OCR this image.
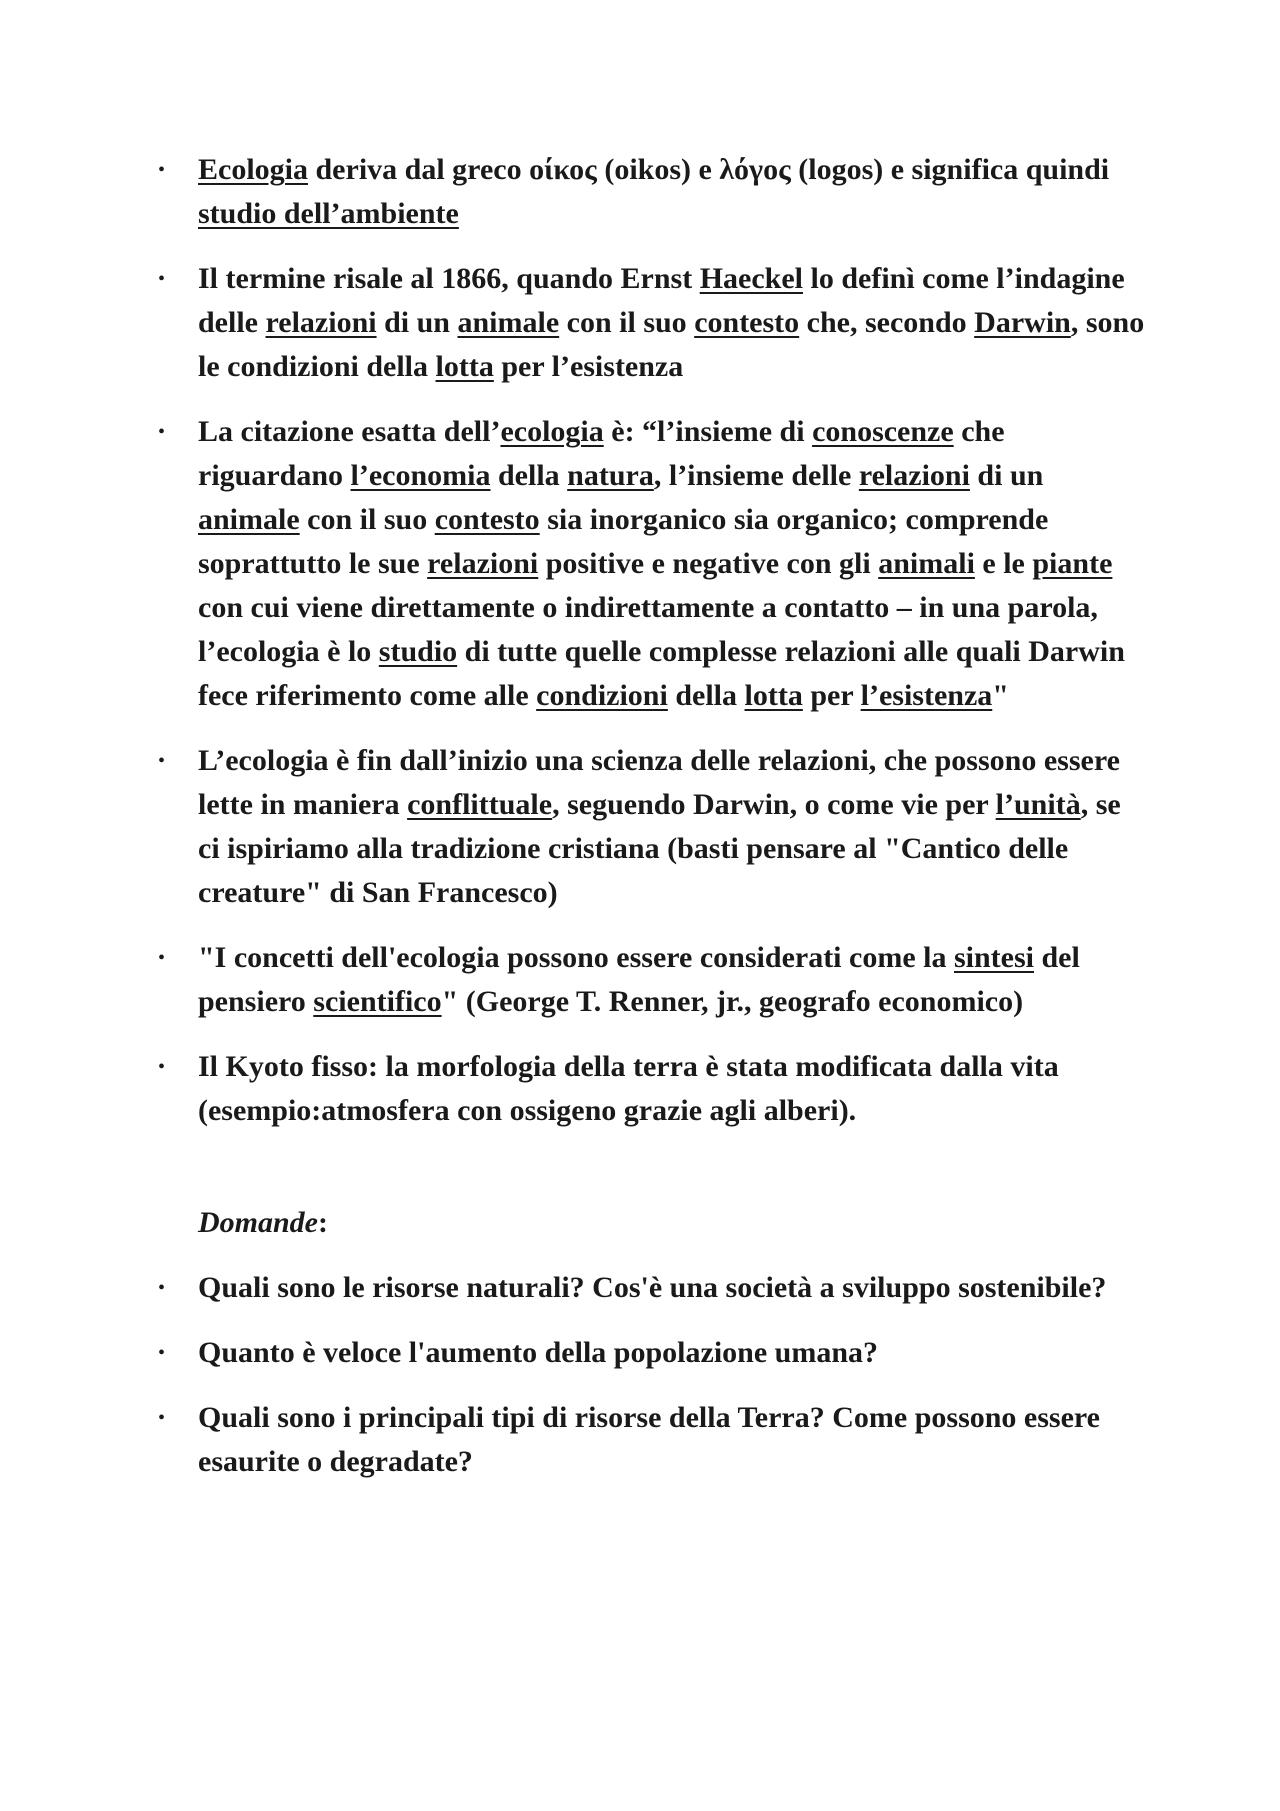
• Ecologia deriva dal greco οίκος (oikos) e λόγος (logos) e significa quindi studio dell’ambiente
• Il termine risale al 1866, quando Ernst Haeckel lo definì come l’indagine delle relazioni di un animale con il suo contesto che, secondo Darwin, sono le condizioni della lotta per l’esistenza
• La citazione esatta dell’ecologia è: “l’insieme di conoscenze che riguardano l’economia della natura, l’insieme delle relazioni di un animale con il suo contesto sia inorganico sia organico; comprende soprattutto le sue relazioni positive e negative con gli animali e le piante con cui viene direttamente o indirettamente a contatto – in una parola, l’ecologia è lo studio di tutte quelle complesse relazioni alle quali Darwin fece riferimento come alle condizioni della lotta per l’esistenza"
• L’ecologia è fin dall’inizio una scienza delle relazioni, che possono essere lette in maniera conflittuale, seguendo Darwin, o come vie per l’unità, se ci ispiriamo alla tradizione cristiana (basti pensare al "Cantico delle creature" di San Francesco)
• "I concetti dell'ecologia possono essere considerati come la sintesi del pensiero scientifico" (George T. Renner, jr., geografo economico)
• Il Kyoto fisso: la morfologia della terra è stata modificata dalla vita (esempio:atmosfera con ossigeno grazie agli alberi).
Domande:
• Quali sono le risorse naturali? Cos'è una società a sviluppo sostenibile?
• Quanto è veloce l'aumento della popolazione umana?
• Quali sono i principali tipi di risorse della Terra? Come possono essere esaurite o degradate?
